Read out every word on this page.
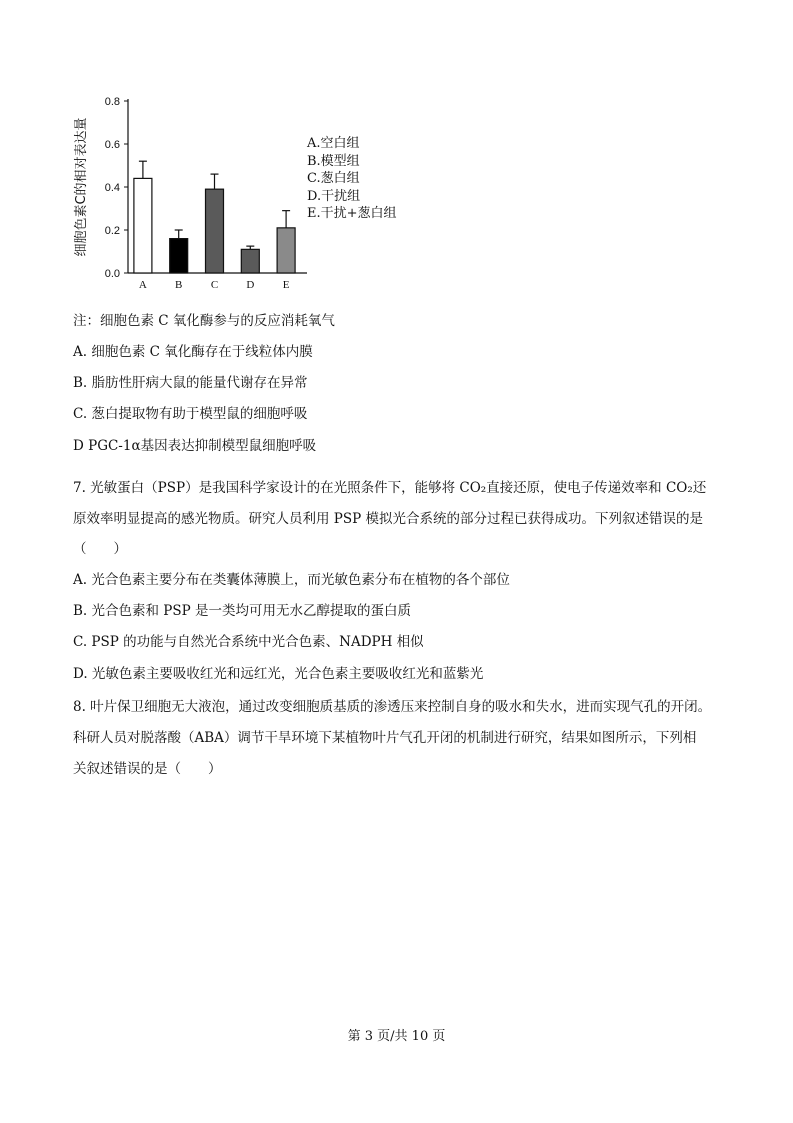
0.0
0.2
0.4
0.6
0.8
细胞色素C的相对表达量
A	B	C	D	E
A.空白组
B.模型组
C.葱白组
D.干扰组
E.干扰+葱白组
注：细胞色素 C 氧化酶参与的反应消耗氧气
A. 细胞色素 C 氧化酶存在于线粒体内膜
B. 脂肪性肝病大鼠的能量代谢存在异常
C. 葱白提取物有助于模型鼠的细胞呼吸
D PGC-1α基因表达抑制模型鼠细胞呼吸
7. 光敏蛋白（PSP）是我国科学家设计的在光照条件下，能够将 CO₂直接还原，使电子传递效率和 CO₂还
原效率明显提高的感光物质。研究人员利用 PSP 模拟光合系统的部分过程已获得成功。下列叙述错误的是
（　　）
A. 光合色素主要分布在类囊体薄膜上，而光敏色素分布在植物的各个部位
B. 光合色素和 PSP 是一类均可用无水乙醇提取的蛋白质
C. PSP 的功能与自然光合系统中光合色素、NADPH 相似
D. 光敏色素主要吸收红光和远红光，光合色素主要吸收红光和蓝紫光
8. 叶片保卫细胞无大液泡，通过改变细胞质基质的渗透压来控制自身的吸水和失水，进而实现气孔的开闭。
科研人员对脱落酸（ABA）调节干旱环境下某植物叶片气孔开闭的机制进行研究，结果如图所示，下列相
关叙述错误的是（　　）
第 3 页/共 10 页
